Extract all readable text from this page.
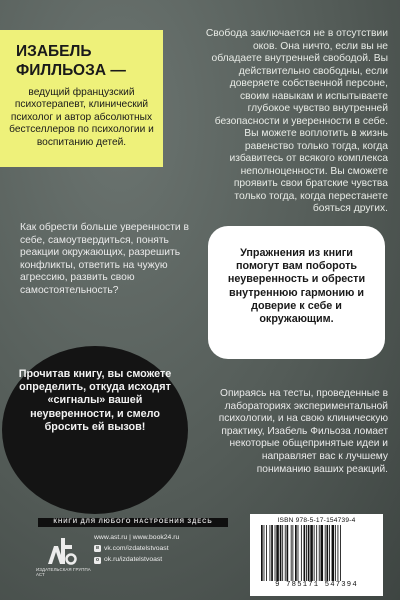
ИЗАБЕЛЬ
ФИЛЛЬОЗА —
ведущий французский психотерапевт, клинический психолог и автор абсолютных бестселлеров по психологии и воспитанию детей.

Свобода заключается не в отсутствии оков. Она ничто, если вы не обладаете внутренней свободой. Вы действительно свободны, если доверяете собственной персоне, своим навыкам и испытываете глубокое чувство внутренней безопасности и уверенности в себе. Вы можете воплотить в жизнь равенство только тогда, когда избавитесь от всякого комплекса неполноценности. Вы сможете проявить свои братские чувства только тогда, когда перестанете бояться других.

Как обрести больше уверенности в себе, самоутвердиться, понять реакции окружающих, разрешить конфликты, ответить на чужую агрессию, развить свою самостоятельность?

Упражнения из книги помогут вам побороть неуверенность и обрести внутреннюю гармонию и доверие к себе и окружающим.

Прочитав книгу, вы сможете определить, откуда исходят «сигналы» вашей неуверенности, и смело бросить ей вызов!

Опираясь на тесты, проведенные в лабораториях экспериментальной психологии, и на свою клиническую практику, Изабель Фильоза ломает некоторые общепринятые идеи и направляет вас к лучшему пониманию ваших реакций.

КНИГИ ДЛЯ ЛЮБОГО НАСТРОЕНИЯ ЗДЕСЬ
ИЗДАТЕЛЬСКАЯ ГРУППА АСТ
www.ast.ru | www.book24.ru
в vk.com/izdatelstvoast
о ok.ru/izdatelstvoast
ISBN 978-5-17-154739-4
9 785171 547394
